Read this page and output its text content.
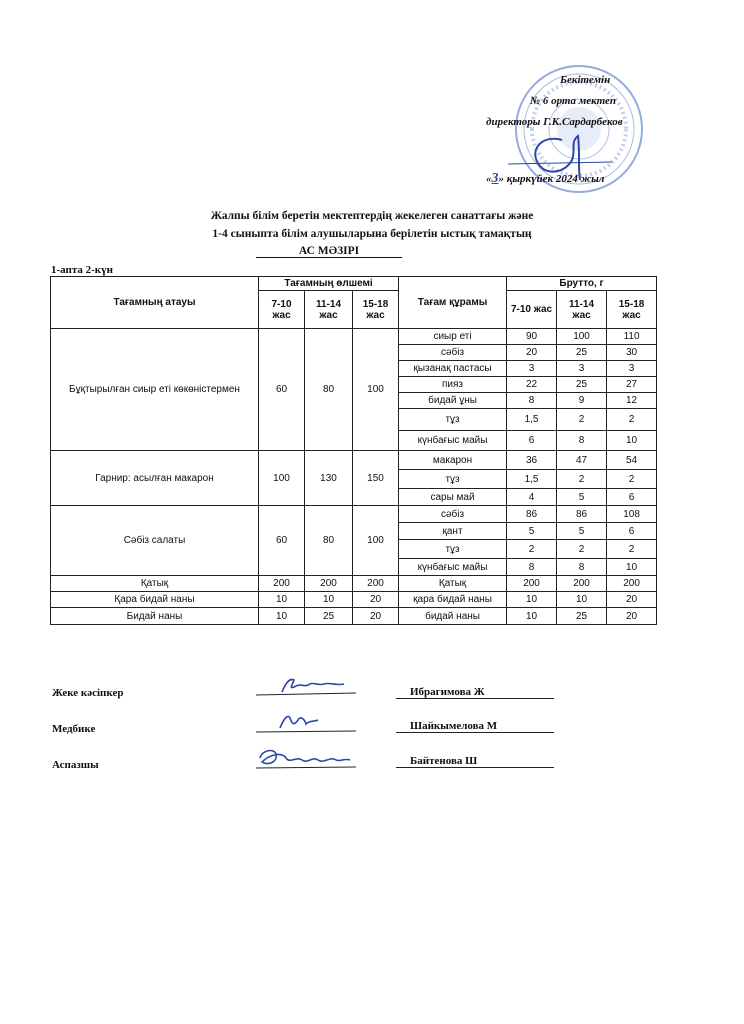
Бекітемін
№ 6 орта мектеп
директоры Г.К.Сардарбеков
«3» қыркүйек 2024 жыл
Жалпы білім беретін мектептердің жекелеген санаттағы және
1-4 сыныпта білім алушыларына берілетін ыстық тамақтың
АС МӘЗІРІ
1-апта 2-күн
Тағамның атауы	Тағамның өлшемі			Тағам құрамы	Брутто, г		
	7-10 жас	11-14 жас	15-18 жас		7-10 жас	11-14 жас	15-18 жас
Бұқтырылған сиыр еті көкөністермен	60	80	100	сиыр еті	90	100	110
				сәбіз	20	25	30
				қызанақ пастасы	3	3	3
				пияз	22	25	27
				бидай ұны	8	9	12
				тұз	1,5	2	2
				күнбағыс майы	6	8	10
Гарнир: асылған макарон	100	130	150	макарон	36	47	54
				тұз	1,5	2	2
				сары май	4	5	6
Сәбіз салаты	60	80	100	сәбіз	86	86	108
				қант	5	5	6
				тұз	2	2	2
				күнбағыс майы	8	8	10
Қатық	200	200	200	Қатық	200	200	200
Қара бидай наны	10	10	20	қара бидай наны	10	10	20
Бидай наны	10	25	20	бидай наны	10	25	20
Жеке кәсіпкер	Ибрагимова Ж
Медбике	Шайкымелова М
Аспазшы	Байтенова Ш
